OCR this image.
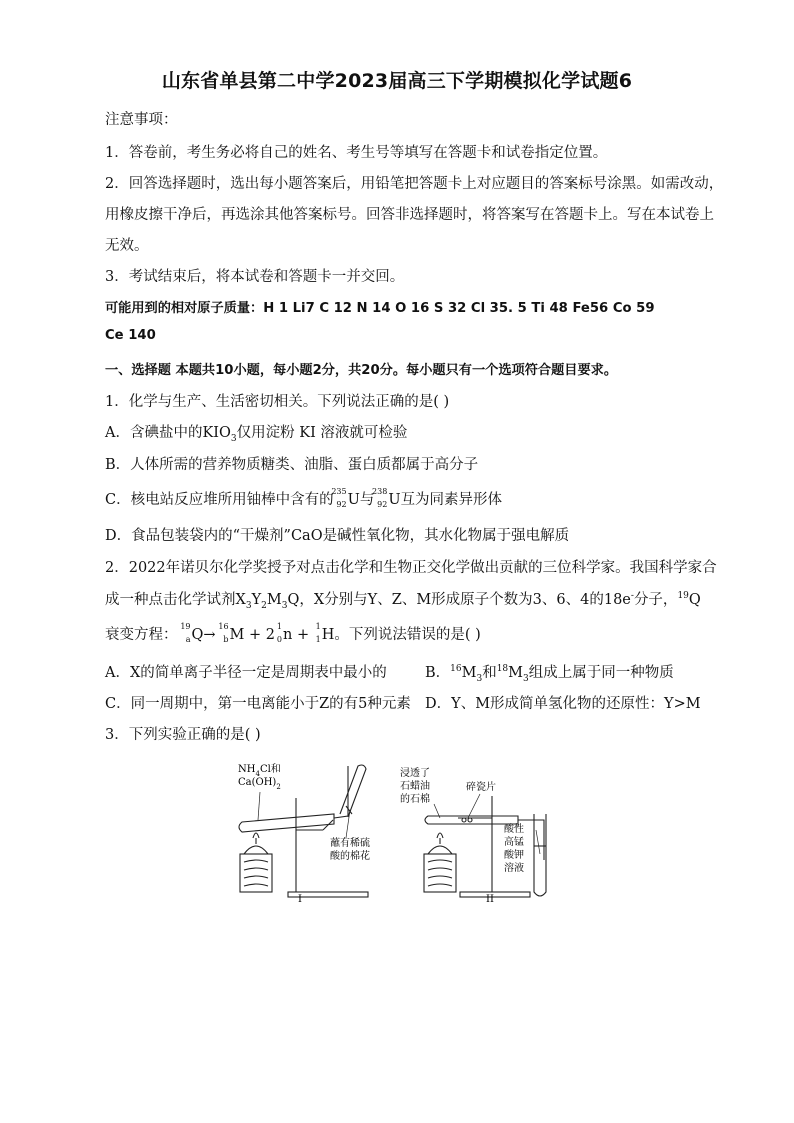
山东省单县第二中学2023届高三下学期模拟化学试题6
注意事项：
1．答卷前，考生务必将自己的姓名、考生号等填写在答题卡和试卷指定位置。
2．回答选择题时，选出每小题答案后，用铅笔把答题卡上对应题目的答案标号涂黑。如需改动，
用橡皮擦干净后，再选涂其他答案标号。回答非选择题时，将答案写在答题卡上。写在本试卷上
无效。
3．考试结束后，将本试卷和答题卡一并交回。
可能用到的相对原子质量：H 1 Li7 C 12 N 14 O 16 S 32 Cl 35. 5 Ti 48 Fe56 Co 59
Ce 140
一、选择题 本题共10小题，每小题2分，共20分。每小题只有一个选项符合题目要求。
1．化学与生产、生活密切相关。下列说法正确的是( )
A．含碘盐中的$KIO_3$仅用淀粉 KI 溶液就可检验
B．人体所需的营养物质糖类、油脂、蛋白质都属于高分子
C．核电站反应堆所用铀棒中含有的
235
92 U与
238
92 U互为同素异形体
D．食品包装袋内的“干燥剂”CaO是碱性氧化物，其水化物属于强电解质
2．2022年诺贝尔化学奖授予对点击化学和生物正交化学做出贡献的三位科学家。我国科学家合
成一种点击化学试剂$X_3Y_2M_3Q$，X分别与Y、Z、M形成原子个数为3、6、4的18e-分子，$^{19}$Q
衰变方程：
19
a Q→
16
b M + 2
1
0 n +
1
1 H。下列说法错误的是( )
A．X的简单离子半径一定是周期表中最小的	B．$^{16}M_3$和$^{18}M_3$组成上属于同一种物质
C．同一周期中，第一电离能小于Z的有5种元素 D．Y、M形成简单氢化物的还原性：Y>M
3．下列实验正确的是( )
$NH_4Cl$和
$Ca(OH)_2$
蘸有稀硫
酸的棉花
I
浸透了
石蜡油
的石棉
碎瓷片
酸性
高锰
酸钾
溶液
II
